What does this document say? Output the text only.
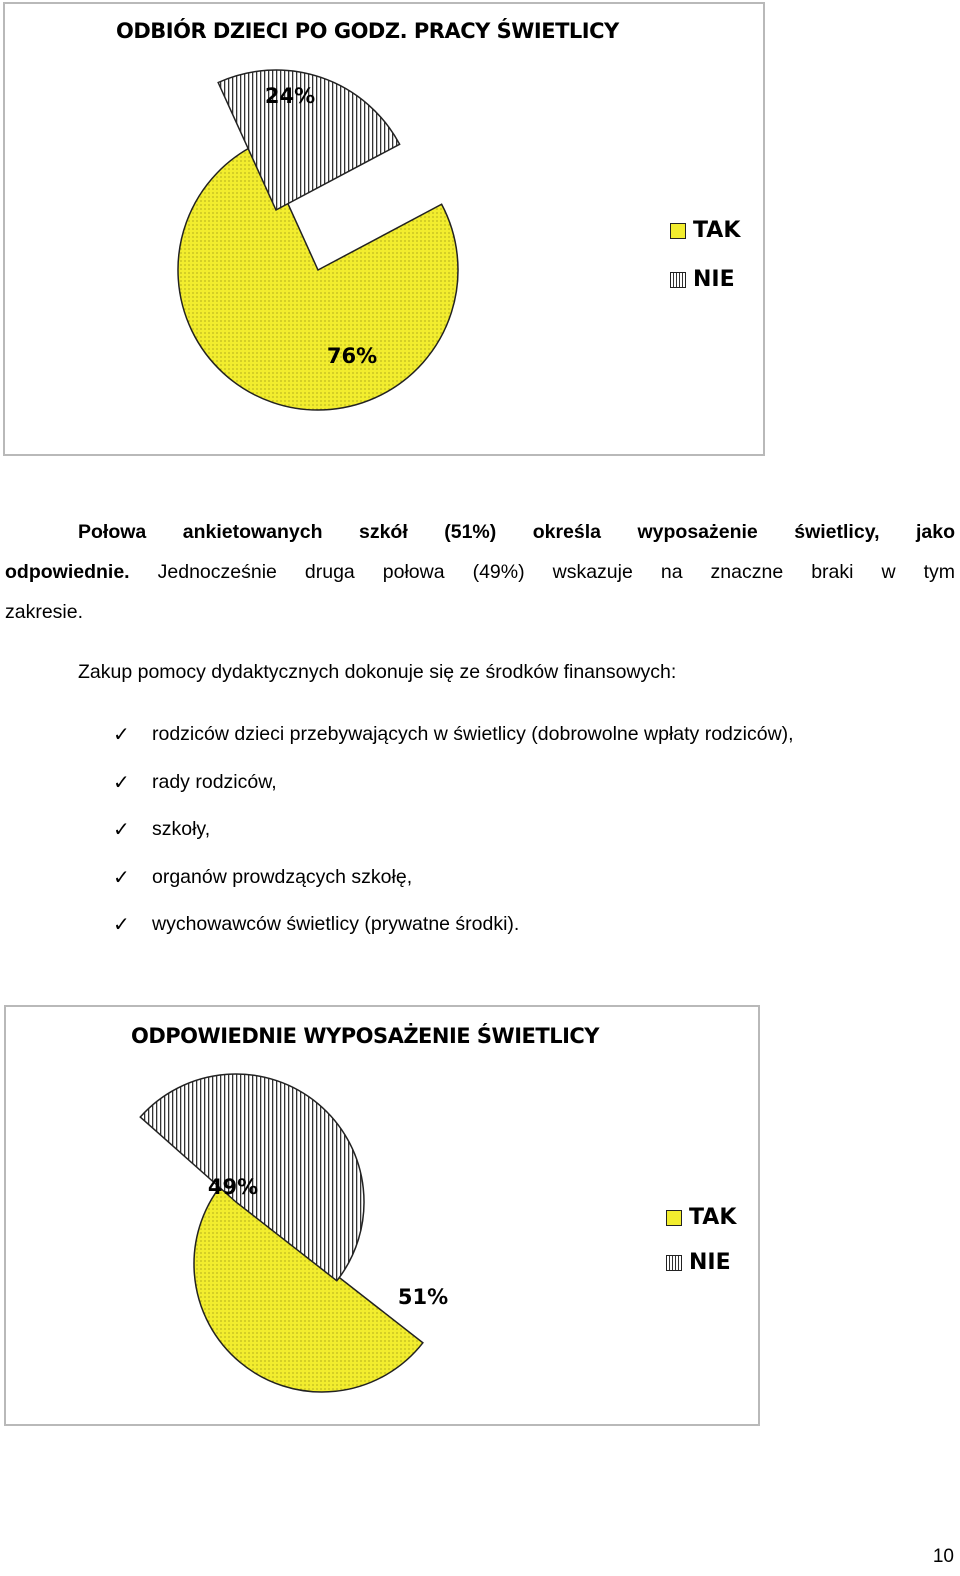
ODBIÓR DZIECI PO GODZ. PRACY ŚWIETLICY
76%
24%
TAK
NIE
Połowa ankietowanych szkół (51%) określa wyposażenie świetlicy, jako
odpowiednie. Jednocześnie druga połowa (49%) wskazuje na znaczne braki w tym
zakresie.
Zakup pomocy dydaktycznych dokonuje się ze środków finansowych:
✓	rodziców dzieci przebywających w świetlicy (dobrowolne wpłaty rodziców),
✓	rady rodziców,
✓	szkoły,
✓	organów prowdzących szkołę,
✓	wychowawców świetlicy (prywatne środki).
ODPOWIEDNIE WYPOSAŻENIE ŚWIETLICY
51%
49%
TAK
NIE
10
